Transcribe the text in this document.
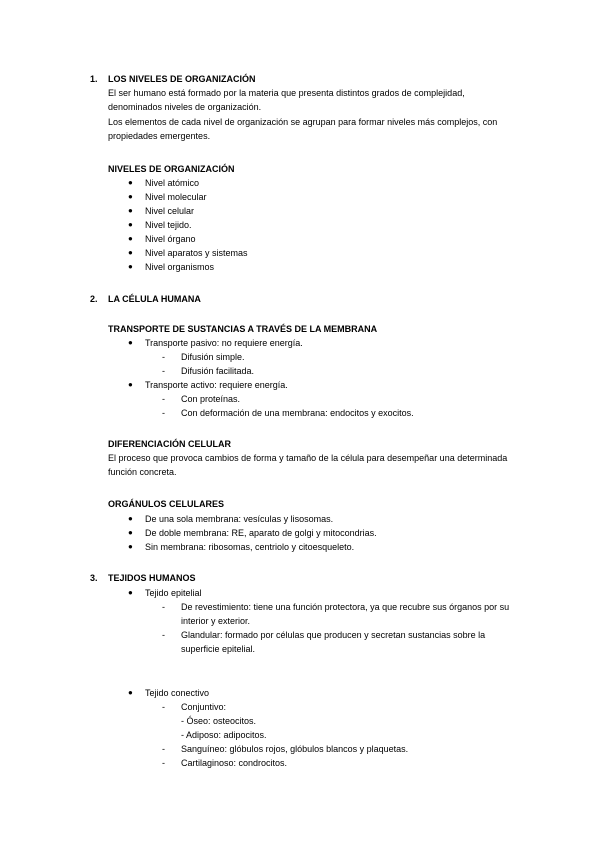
1. LOS NIVELES DE ORGANIZACIÓN
El ser humano está formado por la materia que presenta distintos grados de complejidad,
denominados niveles de organización.
Los elementos de cada nivel de organización se agrupan para formar niveles más complejos, con
propiedades emergentes.
NIVELES DE ORGANIZACIÓN
● Nivel atómico
● Nivel molecular
● Nivel celular
● Nivel tejido.
● Nivel órgano
● Nivel aparatos y sistemas
● Nivel organismos
2. LA CÉLULA HUMANA
TRANSPORTE DE SUSTANCIAS A TRAVÉS DE LA MEMBRANA
● Transporte pasivo: no requiere energía.
- Difusión simple.
- Difusión facilitada.
● Transporte activo: requiere energía.
- Con proteínas.
- Con deformación de una membrana: endocitos y exocitos.
DIFERENCIACIÓN CELULAR
El proceso que provoca cambios de forma y tamaño de la célula para desempeñar una determinada
función concreta.
ORGÁNULOS CELULARES
● De una sola membrana: vesículas y lisosomas.
● De doble membrana: RE, aparato de golgi y mitocondrias.
● Sin membrana: ribosomas, centriolo y citoesqueleto.
3. TEJIDOS HUMANOS
● Tejido epitelial
- De revestimiento: tiene una función protectora, ya que recubre sus órganos por su
interior y exterior.
- Glandular: formado por células que producen y secretan sustancias sobre la
superficie epitelial.
● Tejido conectivo
- Conjuntivo:
- Óseo: osteocitos.
- Adiposo: adipocitos.
- Sanguíneo: glóbulos rojos, glóbulos blancos y plaquetas.
- Cartilaginoso: condrocitos.
